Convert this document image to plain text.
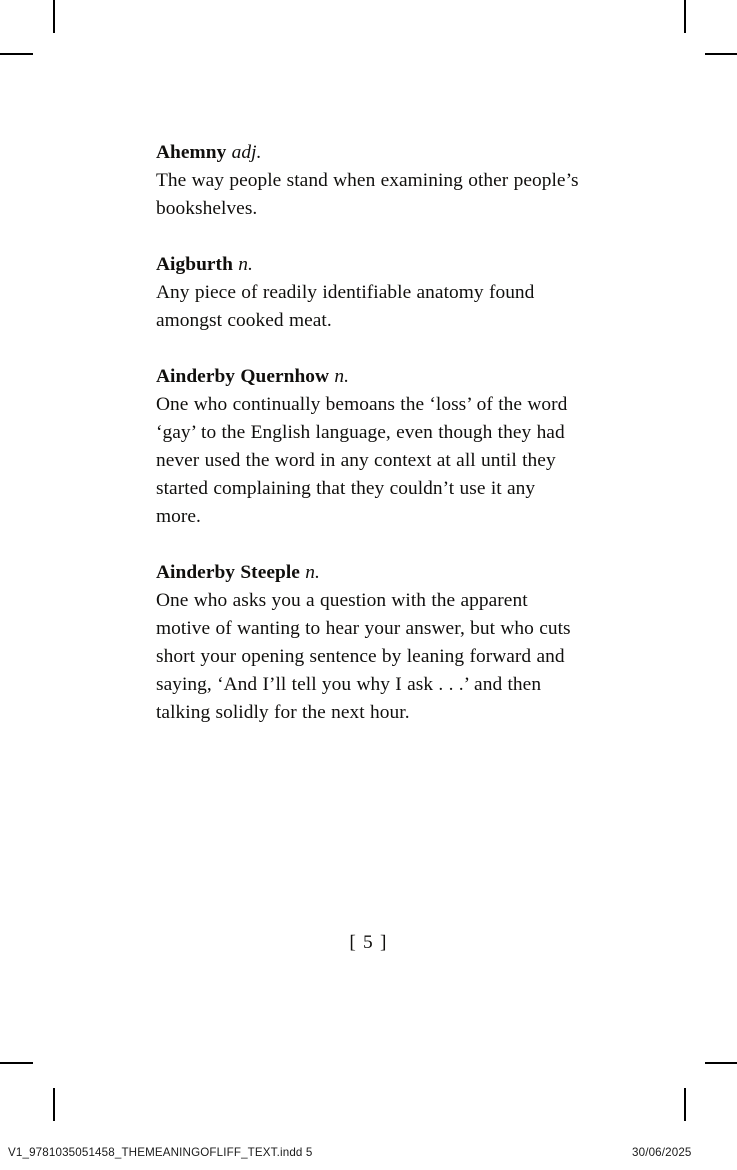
Ahemny adj.
The way people stand when examining other people’s bookshelves.

Aigburth n.
Any piece of readily identifiable anatomy found amongst cooked meat.

Ainderby Quernhow n.
One who continually bemoans the ‘loss’ of the word ‘gay’ to the English language, even though they had never used the word in any context at all until they started complaining that they couldn’t use it any more.

Ainderby Steeple n.
One who asks you a question with the apparent motive of wanting to hear your answer, but who cuts short your opening sentence by leaning forward and saying, ‘And I’ll tell you why I ask . . .’ and then talking solidly for the next hour.

[ 5 ]
V1_9781035051458_THEMEANINGOFLIFF_TEXT.indd 5	30/06/2025
